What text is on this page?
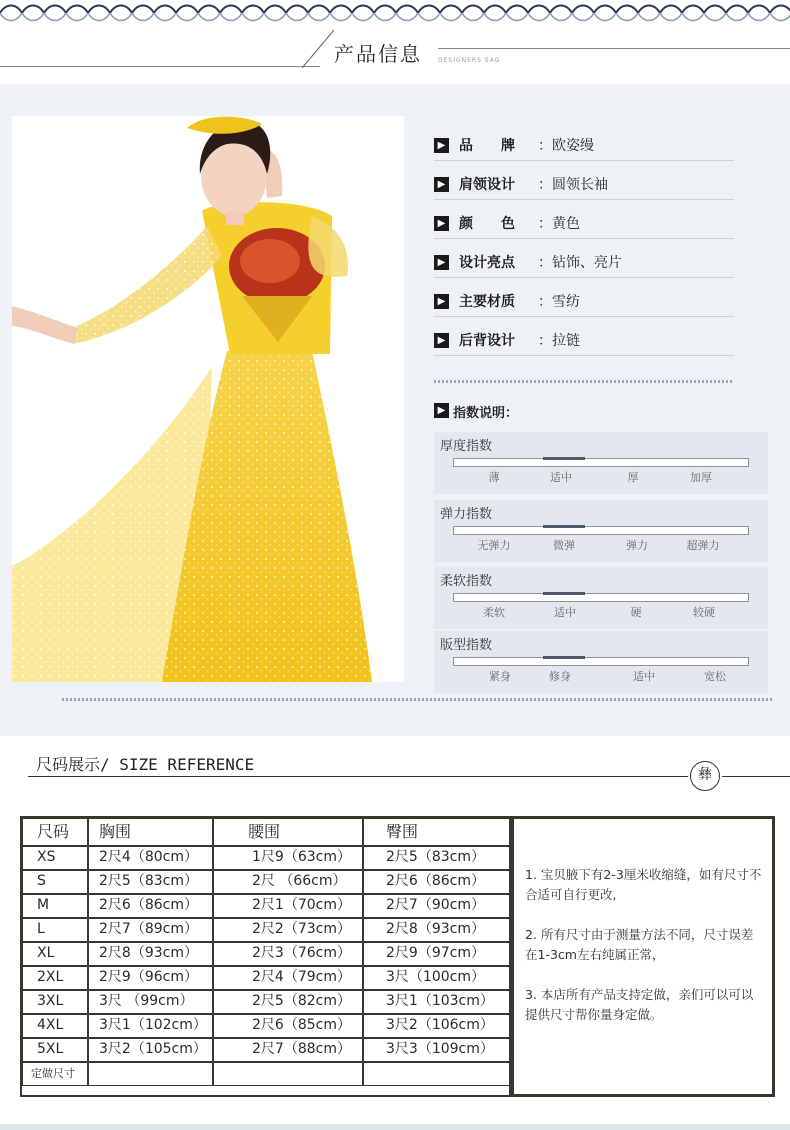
产品信息	DESIGNERS SAG
▶ 品　　牌 ：欧姿缦
▶ 肩领设计 ：圆领长袖
▶ 颜　　色 ：黄色
▶ 设计亮点 ：钻饰、亮片
▶ 主要材质 ：雪纺
▶ 后背设计 ：拉链
▶ 指数说明：
厚度指数
薄	适中	厚	加厚
弹力指数
无弹力	微弹	弹力	超弹力
柔软指数
柔软	适中	硬	较硬
版型指数
紧身	修身	适中	宽松
尺码展示/ SIZE REFERENCE
彝
尺码	胸围	腰围	臀围
XS	2尺4（80cm）	1尺9（63cm）	2尺5（83cm）
S	2尺5（83cm）	2尺 （66cm）	2尺6（86cm）
M	2尺6（86cm）	2尺1（70cm）	2尺7（90cm）
L	2尺7（89cm）	2尺2（73cm）	2尺8（93cm）
XL	2尺8（93cm）	2尺3（76cm）	2尺9（97cm）
2XL	2尺9（96cm）	2尺4（79cm）	3尺（100cm）
3XL	3尺 （99cm）	2尺5（82cm）	3尺1（103cm）
4XL	3尺1（102cm）	2尺6（85cm）	3尺2（106cm）
5XL	3尺2（105cm）	2尺7（88cm）	3尺3（109cm）
定做尺寸
1. 宝贝腋下有2-3厘米收缩缝，如有尺寸不合适可自行更改,
2. 所有尺寸由于测量方法不同，尺寸误差在1-3cm左右纯属正常，
3. 本店所有产品支持定做，亲们可以可以提供尺寸帮你量身定做。
